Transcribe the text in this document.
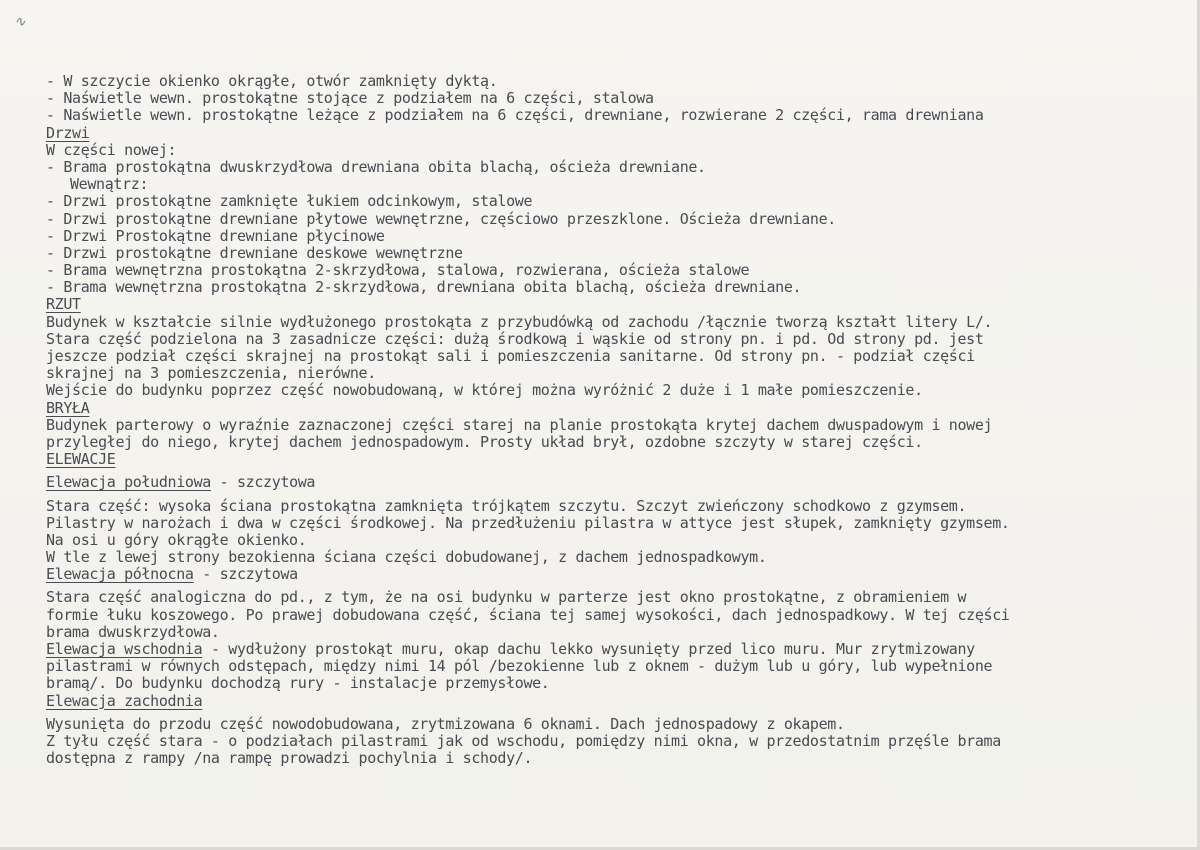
∿
- W szczycie okienko okrągłe, otwór zamknięty dyktą.
- Naświetle wewn. prostokątne stojące z podziałem na 6 części, stalowa
- Naświetle wewn. prostokątne leżące z podziałem na 6 części, drewniane, rozwierane 2 części, rama drewniana
Drzwi
W części nowej:
- Brama prostokątna dwuskrzydłowa drewniana obita blachą, ościeża drewniane.
Wewnątrz:
- Drzwi prostokątne zamknięte łukiem odcinkowym, stalowe
- Drzwi prostokątne drewniane płytowe wewnętrzne, częściowo przeszklone. Ościeża drewniane.
- Drzwi Prostokątne drewniane płycinowe
- Drzwi prostokątne drewniane deskowe wewnętrzne
- Brama wewnętrzna prostokątna 2-skrzydłowa, stalowa, rozwierana, ościeża stalowe
- Brama wewnętrzna prostokątna 2-skrzydłowa, drewniana obita blachą, ościeża drewniane.
RZUT
Budynek w kształcie silnie wydłużonego prostokąta z przybudówką od zachodu /łącznie tworzą kształt litery L/.
Stara część podzielona na 3 zasadnicze części: dużą środkową i wąskie od strony pn. i pd. Od strony pd. jest
jeszcze podział części skrajnej na prostokąt sali i pomieszczenia sanitarne. Od strony pn. - podział części
skrajnej na 3 pomieszczenia, nierówne.
Wejście do budynku poprzez część nowobudowaną, w której można wyróżnić 2 duże i 1 małe pomieszczenie.
BRYŁA
Budynek parterowy o wyraźnie zaznaczonej części starej na planie prostokąta krytej dachem dwuspadowym i nowej
przyległej do niego, krytej dachem jednospadowym. Prosty układ brył, ozdobne szczyty w starej części.
ELEWACJE
Elewacja południowa - szczytowa
Stara część: wysoka ściana prostokątna zamknięta trójkątem szczytu. Szczyt zwieńczony schodkowo z gzymsem.
Pilastry w narożach i dwa w części środkowej. Na przedłużeniu pilastra w attyce jest słupek, zamknięty gzymsem.
Na osi u góry okrągłe okienko.
W tle z lewej strony bezokienna ściana części dobudowanej, z dachem jednospadkowym.
Elewacja północna - szczytowa
Stara część analogiczna do pd., z tym, że na osi budynku w parterze jest okno prostokątne, z obramieniem w
formie łuku koszowego. Po prawej dobudowana część, ściana tej samej wysokości, dach jednospadkowy. W tej części
brama dwuskrzydłowa.
Elewacja wschodnia - wydłużony prostokąt muru, okap dachu lekko wysunięty przed lico muru. Mur zrytmizowany
pilastrami w równych odstępach, między nimi 14 pól /bezokienne lub z oknem - dużym lub u góry, lub wypełnione
bramą/. Do budynku dochodzą rury - instalacje przemysłowe.
Elewacja zachodnia
Wysunięta do przodu część nowodobudowana, zrytmizowana 6 oknami. Dach jednospadowy z okapem.
Z tyłu część stara - o podziałach pilastrami jak od wschodu, pomiędzy nimi okna, w przedostatnim przęśle brama
dostępna z rampy /na rampę prowadzi pochylnia i schody/.
